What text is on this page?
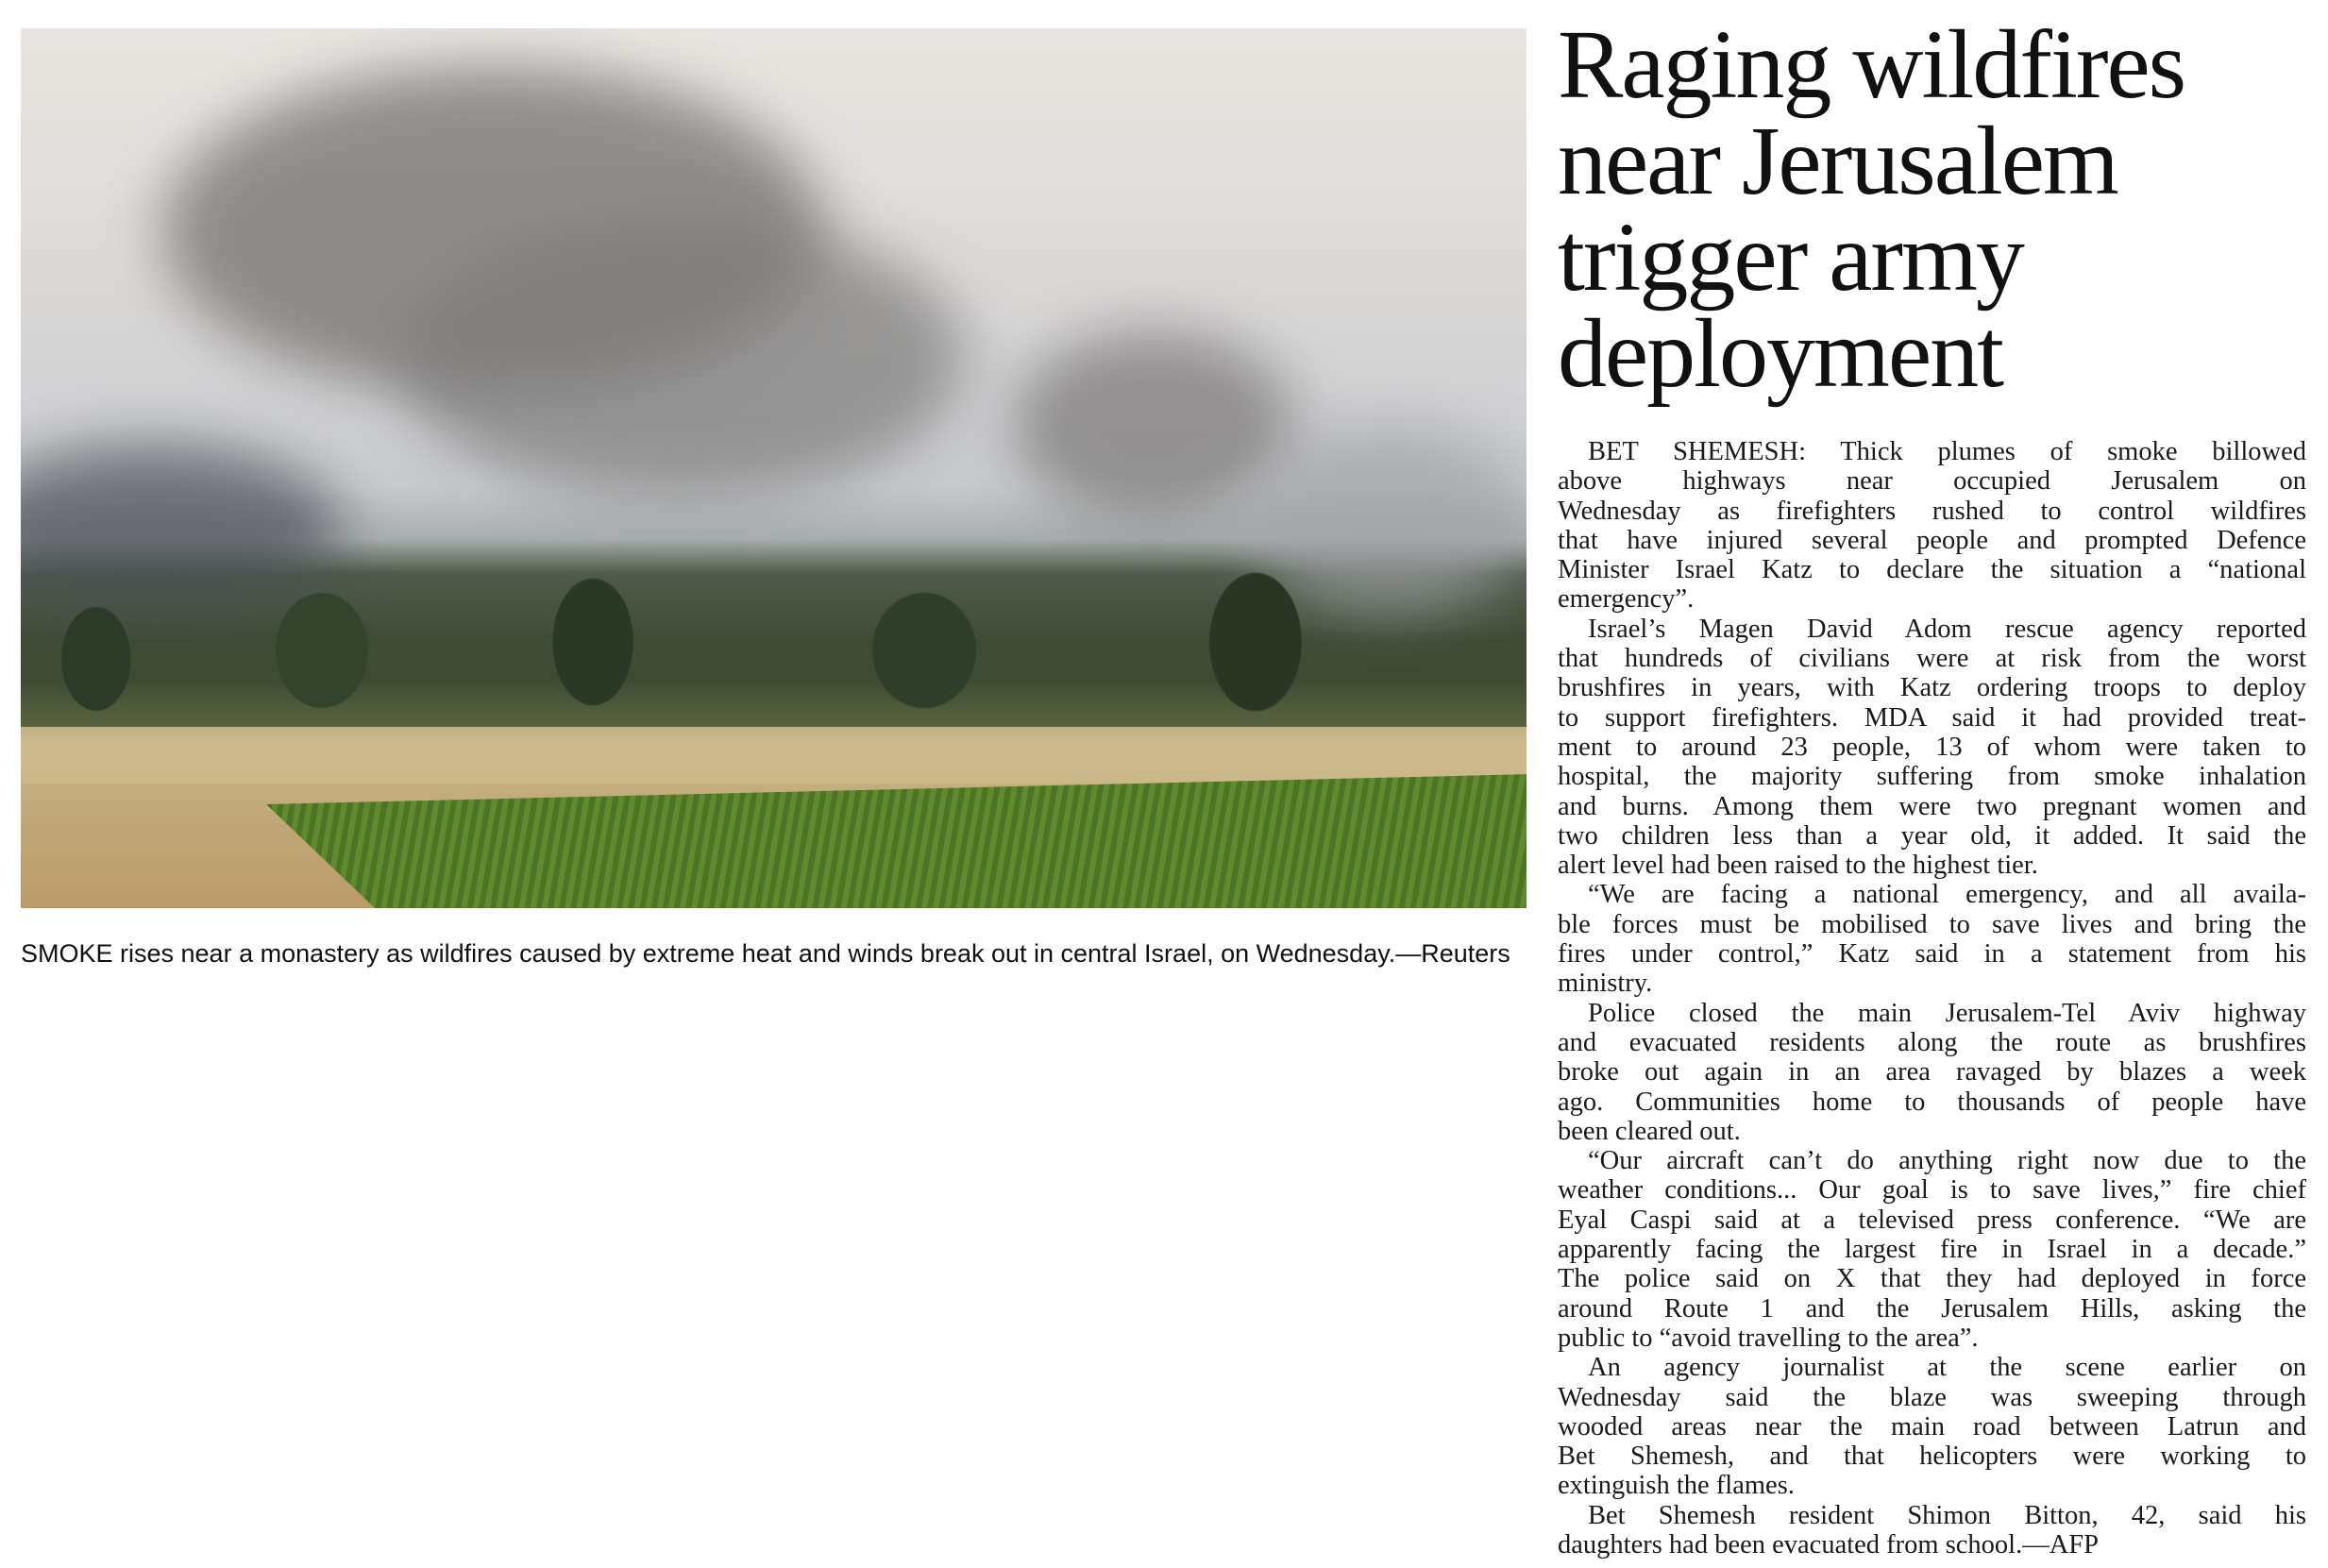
SMOKE rises near a monastery as wildfires caused by extreme heat and winds break out in central Israel, on Wednesday.—Reuters
Raging wildfires
near Jerusalem
trigger army
deployment
BET SHEMESH: Thick plumes of smoke billowed
above highways near occupied Jerusalem on
Wednesday as firefighters rushed to control wildfires
that have injured several people and prompted Defence
Minister Israel Katz to declare the situation a “national
emergency”.
Israel’s Magen David Adom rescue agency reported
that hundreds of civilians were at risk from the worst
brushfires in years, with Katz ordering troops to deploy
to support firefighters. MDA said it had provided treat-
ment to around 23 people, 13 of whom were taken to
hospital, the majority suffering from smoke inhalation
and burns. Among them were two pregnant women and
two children less than a year old, it added. It said the
alert level had been raised to the highest tier.
“We are facing a national emergency, and all availa-
ble forces must be mobilised to save lives and bring the
fires under control,” Katz said in a statement from his
ministry.
Police closed the main Jerusalem-Tel Aviv highway
and evacuated residents along the route as brushfires
broke out again in an area ravaged by blazes a week
ago. Communities home to thousands of people have
been cleared out.
“Our aircraft can’t do anything right now due to the
weather conditions... Our goal is to save lives,” fire chief
Eyal Caspi said at a televised press conference. “We are
apparently facing the largest fire in Israel in a decade.”
The police said on X that they had deployed in force
around Route 1 and the Jerusalem Hills, asking the
public to “avoid travelling to the area”.
An agency journalist at the scene earlier on
Wednesday said the blaze was sweeping through
wooded areas near the main road between Latrun and
Bet Shemesh, and that helicopters were working to
extinguish the flames.
Bet Shemesh resident Shimon Bitton, 42, said his
daughters had been evacuated from school.—AFP
